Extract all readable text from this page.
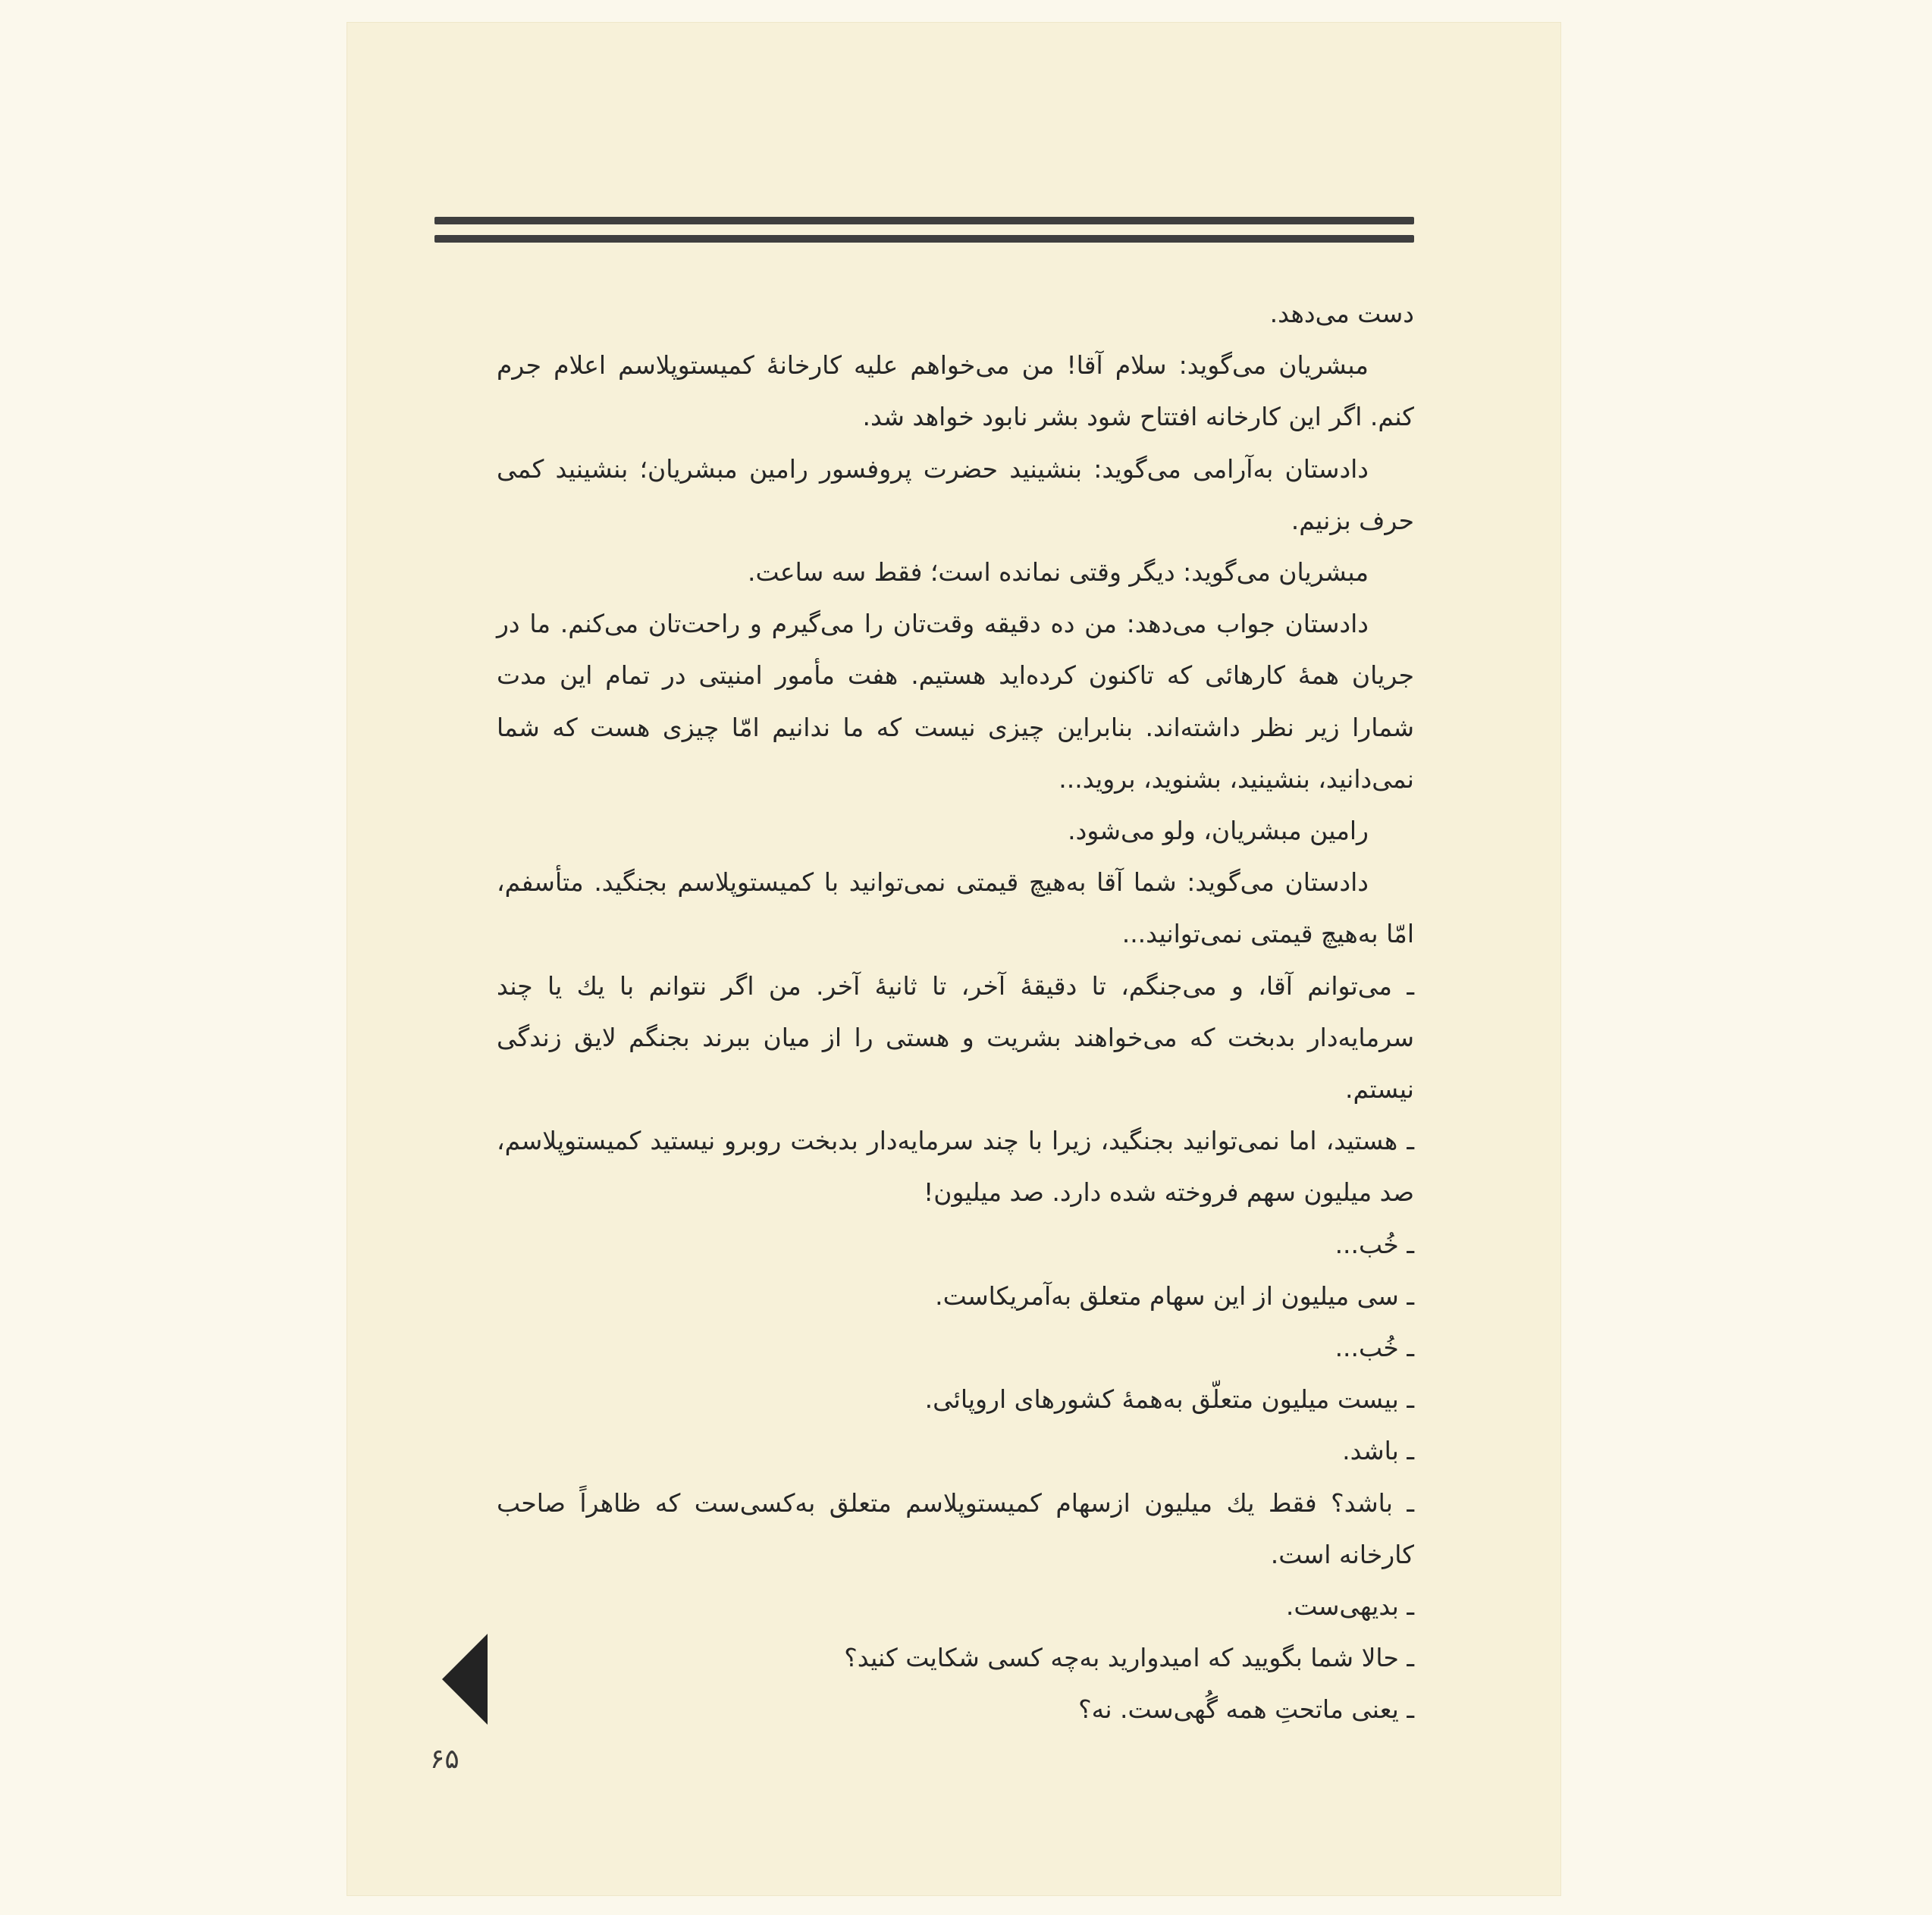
دست می‌دهد.

مبشریان می‌گوید: سلام آقا! من می‌خواهم علیه کارخانهٔ کمیستوپلاسم اعلام جرم کنم. اگر این کارخانه افتتاح شود بشر نابود خواهد شد.

دادستان به‌آرامی می‌گوید: بنشینید حضرت پروفسور رامین مبشریان؛ بنشینید کمی حرف بزنیم.

مبشریان می‌گوید: دیگر وقتی نمانده است؛ فقط سه ساعت.

دادستان جواب می‌دهد: من ده دقیقه وقت‌تان را می‌گیرم و راحت‌تان می‌کنم. ما در جریان همهٔ کارهائی که تاکنون کرده‌اید هستیم. هفت مأمور امنیتی در تمام این مدت شمارا زیر نظر داشته‌اند. بنابراین چیزی نیست که ما ندانیم امّا چیزی هست که شما نمی‌دانید، بنشینید، بشنوید، بروید...

رامین مبشریان، ولو می‌شود.

دادستان می‌گوید: شما آقا به‌هیچ قیمتی نمی‌توانید با کمیستوپلاسم بجنگید. متأسفم، امّا به‌هیچ قیمتی نمی‌توانید...

ـ می‌توانم آقا، و می‌جنگم، تا دقیقهٔ آخر، تا ثانیهٔ آخر. من اگر نتوانم با یك یا چند سرمایه‌دار بدبخت که می‌خواهند بشریت و هستی را از میان ببرند بجنگم لایق زندگی نیستم.

ـ هستید، اما نمی‌توانید بجنگید، زیرا با چند سرمایه‌دار بدبخت روبرو نیستید کمیستوپلاسم، صد میلیون سهم فروخته شده دارد. صد میلیون!

ـ خُب...

ـ سی میلیون از این سهام متعلق به‌آمریکاست.

ـ خُب...

ـ بیست میلیون متعلّق به‌همهٔ کشورهای اروپائی.

ـ باشد.

ـ باشد؟ فقط یك میلیون ازسهام کمیستوپلاسم متعلق به‌کسی‌ست که ظاهراً صاحب کارخانه است.

ـ بدیهی‌ست.

ـ حالا شما بگویید که امیدوارید به‌چه کسی شکایت کنید؟

ـ یعنی ماتحتِ همه گُهی‌ست. نه؟

۶۵
